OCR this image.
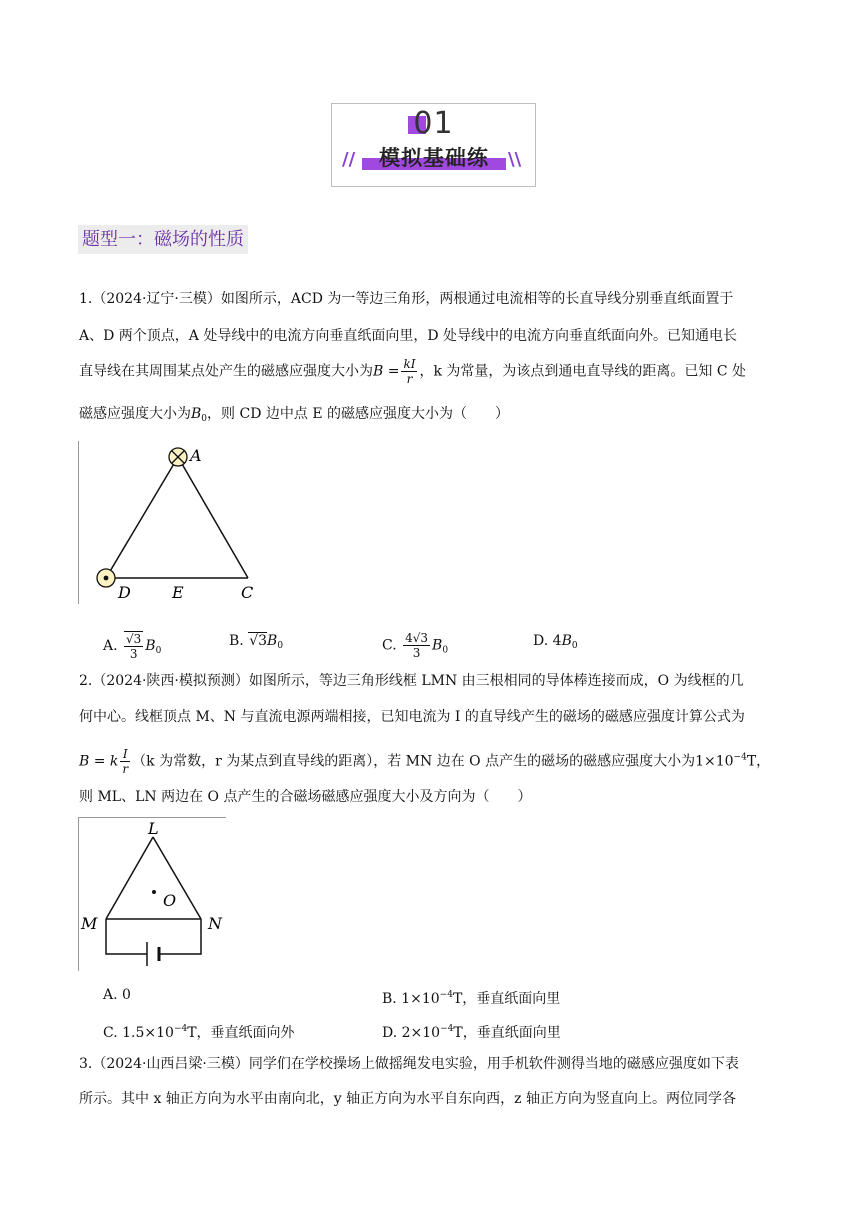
01
模拟基础练
//	\\
题型一：磁场的性质
1.（2024·辽宁·三模）如图所示，ACD 为一等边三角形，两根通过电流相等的长直导线分别垂直纸面置于
A、D 两个顶点，A 处导线中的电流方向垂直纸面向里，D 处导线中的电流方向垂直纸面向外。已知通电长
直导线在其周围某点处产生的磁感应强度大小为$B = \frac{kI}{r}$ ，k 为常量，为该点到通电直导线的距离。已知 C 处
磁感应强度大小为$B_0$，则 CD 边中点 E 的磁感应强度大小为（　　）
A
D	E	C
A. $\frac{√3}{3} B_0$
B. $√3B_0$	C. $\frac{4√3}{3} B_0$
D. $4B_0$
2.（2024·陕西·模拟预测）如图所示，等边三角形线框 LMN 由三根相同的导体棒连接而成，O 为线框的几
何中心。线框顶点 M、N 与直流电源两端相接，已知电流为 I 的直导线产生的磁场的磁感应强度计算公式为
B = k $\frac{I}{r} (k$ 为常数，r 为某点到直导线的距离），若 MN 边在 O 点产生的磁场的磁感应强度大小为$1\times 10^{-4}T$，
则 ML、LN 两边在 O 点产生的合磁场磁感应强度大小及方向为（　　）
L
O
M	N
A. 0	B. $1\times 10^{-4}T$，垂直纸面向里
C. $1.5\times 10^{-4}T$，垂直纸面向外	D. $2\times 10^{-4}T$，垂直纸面向里
3.（2024·山西吕梁·三模）同学们在学校操场上做摇绳发电实验，用手机软件测得当地的磁感应强度如下表
所示。其中 x 轴正方向为水平由南向北，y 轴正方向为水平自东向西，z 轴正方向为竖直向上。两位同学各
